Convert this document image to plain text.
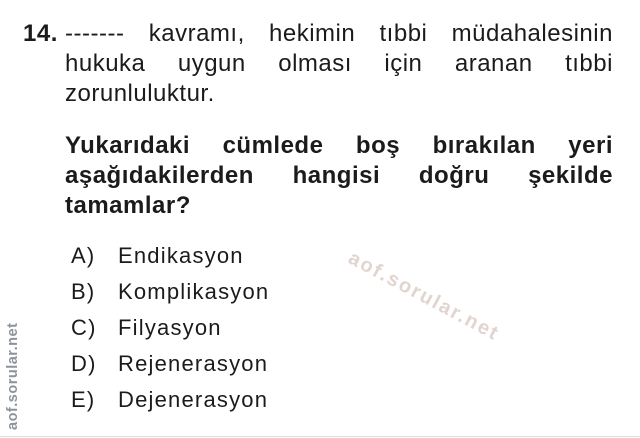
14. ------- kavramı, hekimin tıbbi müdahalesinin
hukuka uygun olması için aranan tıbbi
zorunluluktur.
Yukarıdaki cümlede boş bırakılan yeri
aşağıdakilerden hangisi doğru şekilde
tamamlar?
A)	Endikasyon
B)	Komplikasyon
C) Filyasyon
D) Rejenerasyon
E)	Dejenerasyon
aof.sorular.net
aof.sorular.net
